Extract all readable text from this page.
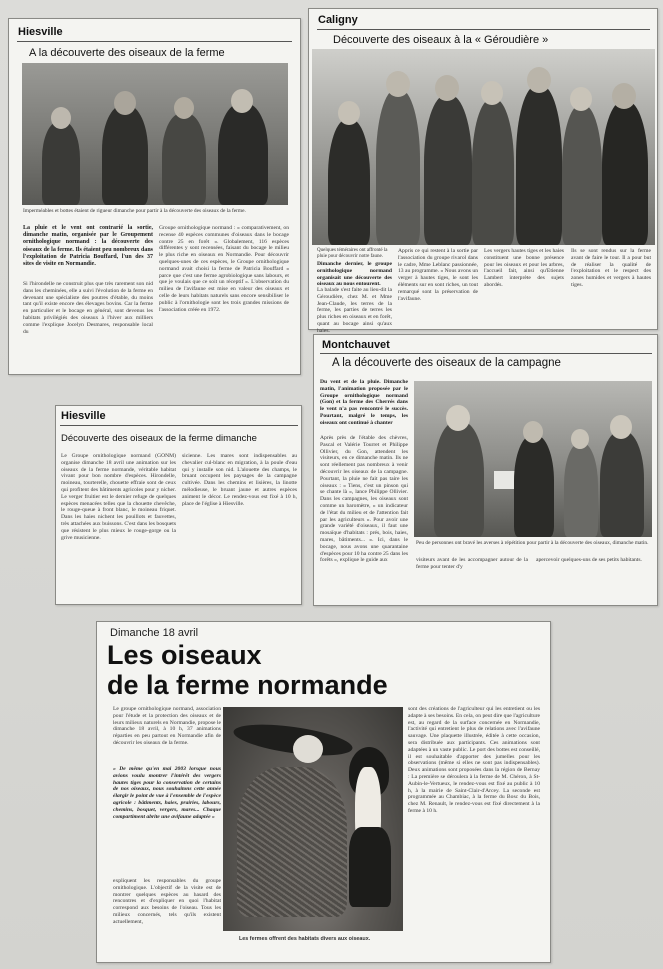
Hiesville
A la découverte des oiseaux de la ferme
Imperméables et bottes étaient de rigueur dimanche pour partir à la découverte des oiseaux de la ferme.
La pluie et le vent ont contrarié la sortie, dimanche matin, organisée par le Groupement ornithologique normand : la découverte des oiseaux de la ferme. Ils étaient peu nombreux dans l'exploitation de Patricia Bouffard, l'un des 37 sites de visite en Normandie.
Si l'hirondelle ne construit plus que très rarement son nid dans les cheminées, elle a suivi l'évolution de la ferme en devenant une spécialiste des poutres d'étable, du moins tant qu'il existe encore des élevages bovins. Car la ferme en particulier et le bocage en général, sont devenus les habitats privilégiés des oiseaux à l'hiver aux milliers comme l'explique Jocelyn Desmares, responsable local du
Groupe ornithologique normand : « comparativement, on recense 40 espèces communes d'oiseaux dans le bocage contre 25 en forêt ». Globalement, 116 espèces différentes y sont recensées, faisant du bocage le milieu le plus riche en oiseaux en Normandie. Pour découvrir quelques-unes de ces espèces, le Groupe ornithologique normand avait choisi la ferme de Patricia Bouffard « parce que c'est une ferme agrobiologique sans labours, et que je voulais que ce soit un réceptif ». L'observation du milieu de l'avifaune est mise en valeur des oiseaux et celle de leurs habitats naturels sans encore sensibiliser le public à l'ornithologie sont les trois grandes missions de l'association créée en 1972.
Caligny
Découverte des oiseaux à la « Géroudière »
Quelques téméraires ont affronté la pluie pour découvrir notre faune.
Dimanche dernier, le groupe ornithologique normand organisait une découverte des oiseaux au nous entourent.
La balade s'est faite au lieu-dit la Géroudière, chez M. et Mme Jean-Claude, les terres de la ferme, les parties de terres les plus riches en oiseaux et en forêt, quant au bocage ainsi qu'aux haies.
Appris ce qui restent à la sortie par l'association du groupe rivarol dans le cadre, Mme Leblanc passionnée, 13 au programme. « Nous avons un verger à hautes tiges, le sont les éléments sur en sont riches, un tout remarqué sont la préservation de l'avifaune.
Les vergers hautes tiges et les haies constituent une bonne présence pour les oiseaux et pour les arbres, l'accueil fait, ainsi qu'Etienne Lambert interprète des sujets abordés.
Ils se sont rendus sur la ferme avant de faire le tour. Il a pour but de réaliser la qualité de l'exploitation et le respect des zones humides et vergers à hautes tiges.
Hiesville
Découverte des oiseaux de la ferme dimanche
Le Groupe ornithologique normand (GONM) organise dimanche 18 avril une animation sur les oiseaux de la ferme normande, véritable habitat vivant pour bon nombre d'espèces. Hirondelle, moineau, tourterelle, chouette effraie sont de ceux qui profitent des bâtiments agricoles pour y nicher. Le verger fruitier est le dernier refuge de quelques espèces menacées telles que la chouette chevêche, le rouge-queue à front blanc, le moineau friquet. Dans les haies nichent les pouillots et fauvettes, très attachées aux buissons. C'est dans les bosquets que résistent le plus mieux le rouge-gorge ou la grive musicienne.
sicienne. Les mares sont indispensables au chevalier cul-blanc en migration, à la poule d'eau qui y installe son nid. L'alouette des champs, le bruant occupent les paysages de la campagne cultivée. Dans les chemins et lisières, la linotte mélodieuse, le bruant jaune et autres espèces animent le décor. Le rendez-vous est fixé à 10 h, place de l'église à Hiesville.
Montchauvet
A la découverte des oiseaux de la campagne
Du vent et de la pluie. Dimanche matin, l'animation proposée par le Groupe ornithologique normand (Gon) et la ferme des Cherrés dans le vent n'a pas rencontré le succès. Pourtant, malgré le temps, les oiseaux ont continué à chanter
Après près de l'étable des chèvres, Pascal et Valérie Tourret et Philippe Ollivier, du Gon, attendent les visiteurs, en ce dimanche matin. Ils ne sont réellement pas nombreux à venir découvrir les oiseaux de la campagne. Pourtant, la pluie ne fait pas taire les oiseaux : « Tiens, c'est un pinson qui se chante là », lance Philippe Ollivier. Dans les campagnes, les oiseaux sont comme un baromètre, « un indicateur de l'état du milieu et de l'attention fait par les agriculteurs ». Pour avoir une grande variété d'oiseaux, il faut une mosaïque d'habitats : prés, bois, haies, mares, bâtiments... ». Ici, dans le bocage, nous avons une quarantaine d'espèces pour 10 ha contre 25 dans les forêts », explique le guide aux
Peu de personnes ont bravé les averses à répétition pour partir à la découverte des oiseaux, dimanche matin.
visiteurs avant de les accompagner autour de la ferme pour tenter d'y
apercevoir quelques-uns de ses petits habitants.
Dimanche 18 avril
Les oiseaux
de la ferme normande
Le groupe ornithologique normand, association pour l'étude et la protection des oiseaux et de leurs milieux naturels en Normandie, propose le dimanche 18 avril, à 10 h, 37 animations réparties en peu partout en Normandie afin de découvrir les oiseaux de la ferme.
« De même qu'en mai 2003 lorsque nous avions voulu montrer l'intérêt des vergers hautes tiges pour la conservation de certains de nos oiseaux, nous souhaitons cette année élargir le point de vue à l'ensemble de l'espèce agricole : bâtiments, haies, prairies, labours, chemins, bosquet, vergers, mares... Chaque compartiment abrite une avifaune adaptée »
expliquent les responsables du groupe ornithologique. L'objectif de la visite est de montrer quelques espèces au hasard des rencontres et d'expliquer en quoi l'habitat correspond aux besoins de l'oiseau. Tous les milieux concernés, tels qu'ils existent actuellement,
Les fermes offrent des habitats divers aux oiseaux.
sont des créations de l'agriculteur qui les entretient ou les adapte à ses besoins. En cela, on peut dire que l'agriculture est, au regard de la surface concernée en Normandie, l'activité qui entretient le plus de relations avec l'avifaune sauvage. Une plaquette illustrée, éditée à cette occasion, sera distribuée aux participants. Ces animations sont adaptées à un vaste public. Le port des bottes est conseillé, il est souhaitable d'apporter des jumelles pour les observations (même si elles ne sont pas indispensables). Deux animations sont proposées dans la région de Bernay : La première se déroulera à la ferme de M. Chéron, à St-Aubin-le-Vertueux, le rendez-vous est fixé au public à 10 h, à la mairie de Saint-Clair-d'Arcey. La seconde est programmée au Chambiac, à la ferme du Bosc du Bois, chez M. Renault, le rendez-vous est fixé directement à la ferme à 10 h.
